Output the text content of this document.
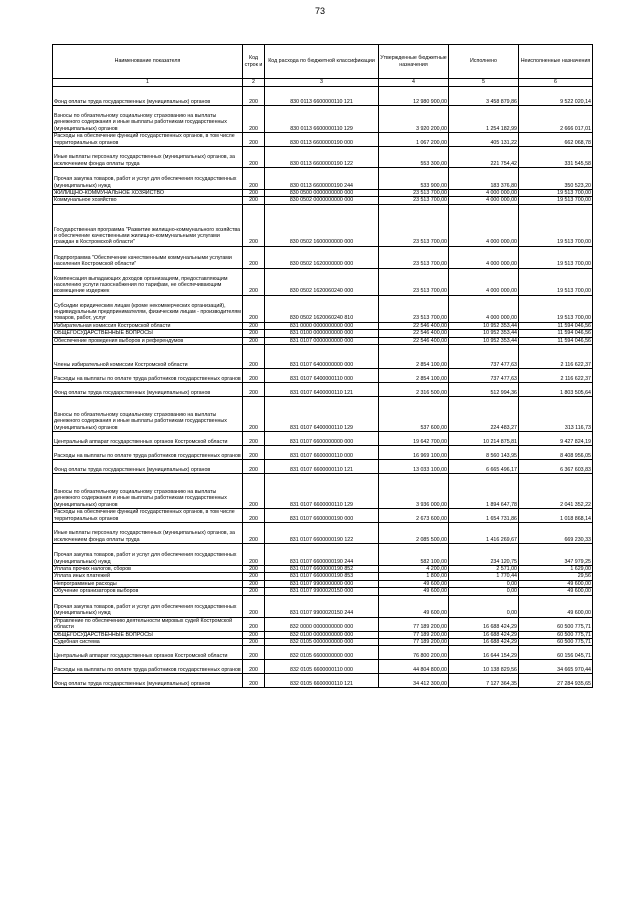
73
Наименование показателя	Код строк и	Код расхода по бюджетной классификации	Утвержденные бюджетные назначения	Исполнено	Неисполненные назначения
1	2	3	4	5	6
Фонд оплаты труда государственных (муниципальных) органов	200	830 0113 6600000110 121	12 980 900,00	3 458 879,86	9 522 020,14
Взносы по обязательному социальному страхованию на выплаты денежного содержания и иные выплаты работникам государственных (муниципальных) органов	200	830 0113 6600000110 129	3 920 200,00	1 254 182,99	2 666 017,01
Расходы на обеспечение функций государственных органов, в том числе территориальных органов	200	830 0113 6600000190 000	1 067 200,00	405 131,22	662 068,78
Иные выплаты персоналу государственных (муниципальных) органов, за исключением фонда оплаты труда	200	830 0113 6600000190 122	553 300,00	221 754,42	331 545,58
Прочая закупка товаров, работ и услуг для обеспечения государственных (муниципальных) нужд	200	830 0113 6600000190 244	533 900,00	183 376,80	350 523,20
ЖИЛИЩНО-КОММУНАЛЬНОЕ ХОЗЯЙСТВО	200	830 0500 0000000000 000	23 513 700,00	4 000 000,00	19 513 700,00
Коммунальное хозяйство	200	830 0502 0000000000 000	23 513 700,00	4 000 000,00	19 513 700,00
Государственная программа "Развитие жилищно-коммунального хозяйства и обеспечение качественными жилищно-коммунальными услугами граждан в Костромской области"	200	830 0502 1600000000 000	23 513 700,00	4 000 000,00	19 513 700,00
Подпрограмма "Обеспечение качественными коммунальными услугами населения Костромской области"	200	830 0502 1620000000 000	23 513 700,00	4 000 000,00	19 513 700,00
Компенсация выпадающих доходов организациям, предоставляющим населению услуги газоснабжения по тарифам, не обеспечивающим возмещение издержек	200	830 0502 1620060240 000	23 513 700,00	4 000 000,00	19 513 700,00
Субсидии юридическим лицам (кроме некоммерческих организаций), индивидуальным предпринимателям, физическим лицам - производителям товаров, работ, услуг	200	830 0502 1620060240 810	23 513 700,00	4 000 000,00	19 513 700,00
Избирательная комиссия Костромской области	200	831 0000 0000000000 000	22 546 400,00	10 952 353,44	11 594 046,56
ОБЩЕГОСУДАРСТВЕННЫЕ ВОПРОСЫ	200	831 0100 0000000000 000	22 546 400,00	10 952 353,44	11 594 046,56
Обеспечение проведения выборов и референдумов	200	831 0107 0000000000 000	22 546 400,00	10 952 353,44	11 594 046,56
Члены избирательной комиссии Костромской области	200	831 0107 6400000000 000	2 854 100,00	737 477,63	2 116 622,37
Расходы на выплаты по оплате труда работников государственных органов	200	831 0107 6400000110 000	2 854 100,00	737 477,63	2 116 622,37
Фонд оплаты труда государственных (муниципальных) органов	200	831 0107 6400000110 121	2 316 500,00	512 994,36	1 803 505,64
Взносы по обязательному социальному страхованию на выплаты денежного содержания и иные выплаты работникам государственных (муниципальных) органов	200	831 0107 6400000110 129	537 600,00	224 483,27	313 116,73
Центральный аппарат государственных органов Костромской области	200	831 0107 6600000000 000	19 642 700,00	10 214 875,81	9 427 824,19
Расходы на выплаты по оплате труда работников государственных органов	200	831 0107 6600000110 000	16 969 100,00	8 560 143,95	8 408 956,05
Фонд оплаты труда государственных (муниципальных) органов	200	831 0107 6600000110 121	13 033 100,00	6 665 496,17	6 367 603,83
Взносы по обязательному социальному страхованию на выплаты денежного содержания и иные выплаты работникам государственных (муниципальных) органов	200	831 0107 6600000110 129	3 936 000,00	1 894 647,78	2 041 352,22
Расходы на обеспечение функций государственных органов, в том числе территориальных органов	200	831 0107 6600000190 000	2 673 600,00	1 654 731,86	1 018 868,14
Иные выплаты персоналу государственных (муниципальных) органов, за исключением фонда оплаты труда	200	831 0107 6600000190 122	2 085 500,00	1 416 269,67	669 230,33
Прочая закупка товаров, работ и услуг для обеспечения государственных (муниципальных) нужд	200	831 0107 6600000190 244	582 100,00	234 120,75	347 979,25
Уплата прочих налогов, сборов	200	831 0107 6600000190 852	4 200,00	2 571,00	1 629,00
Уплата иных платежей	200	831 0107 6600000190 853	1 800,00	1 770,44	29,56
Непрограммные расходы	200	831 0107 9900000000 000	49 600,00	0,00	49 600,00
Обучение организаторов выборов	200	831 0107 9900020150 000	49 600,00	0,00	49 600,00
Прочая закупка товаров, работ и услуг для обеспечения государственных (муниципальных) нужд	200	831 0107 9900020150 244	49 600,00	0,00	49 600,00
Управление по обеспечению деятельности мировых судей Костромской области	200	832 0000 0000000000 000	77 189 200,00	16 688 424,29	60 500 775,71
ОБЩЕГОСУДАРСТВЕННЫЕ ВОПРОСЫ	200	832 0100 0000000000 000	77 189 200,00	16 688 424,29	60 500 775,71
Судебная система	200	832 0105 0000000000 000	77 189 200,00	16 688 424,29	60 500 775,71
Центральный аппарат государственных органов Костромской области	200	832 0105 6600000000 000	76 800 200,00	16 644 154,29	60 156 045,71
Расходы на выплаты по оплате труда работников государственных органов	200	832 0105 6600000110 000	44 804 800,00	10 138 829,56	34 665 970,44
Фонд оплаты труда государственных (муниципальных) органов	200	832 0105 6600000110 121	34 412 300,00	7 127 364,35	27 284 935,65
